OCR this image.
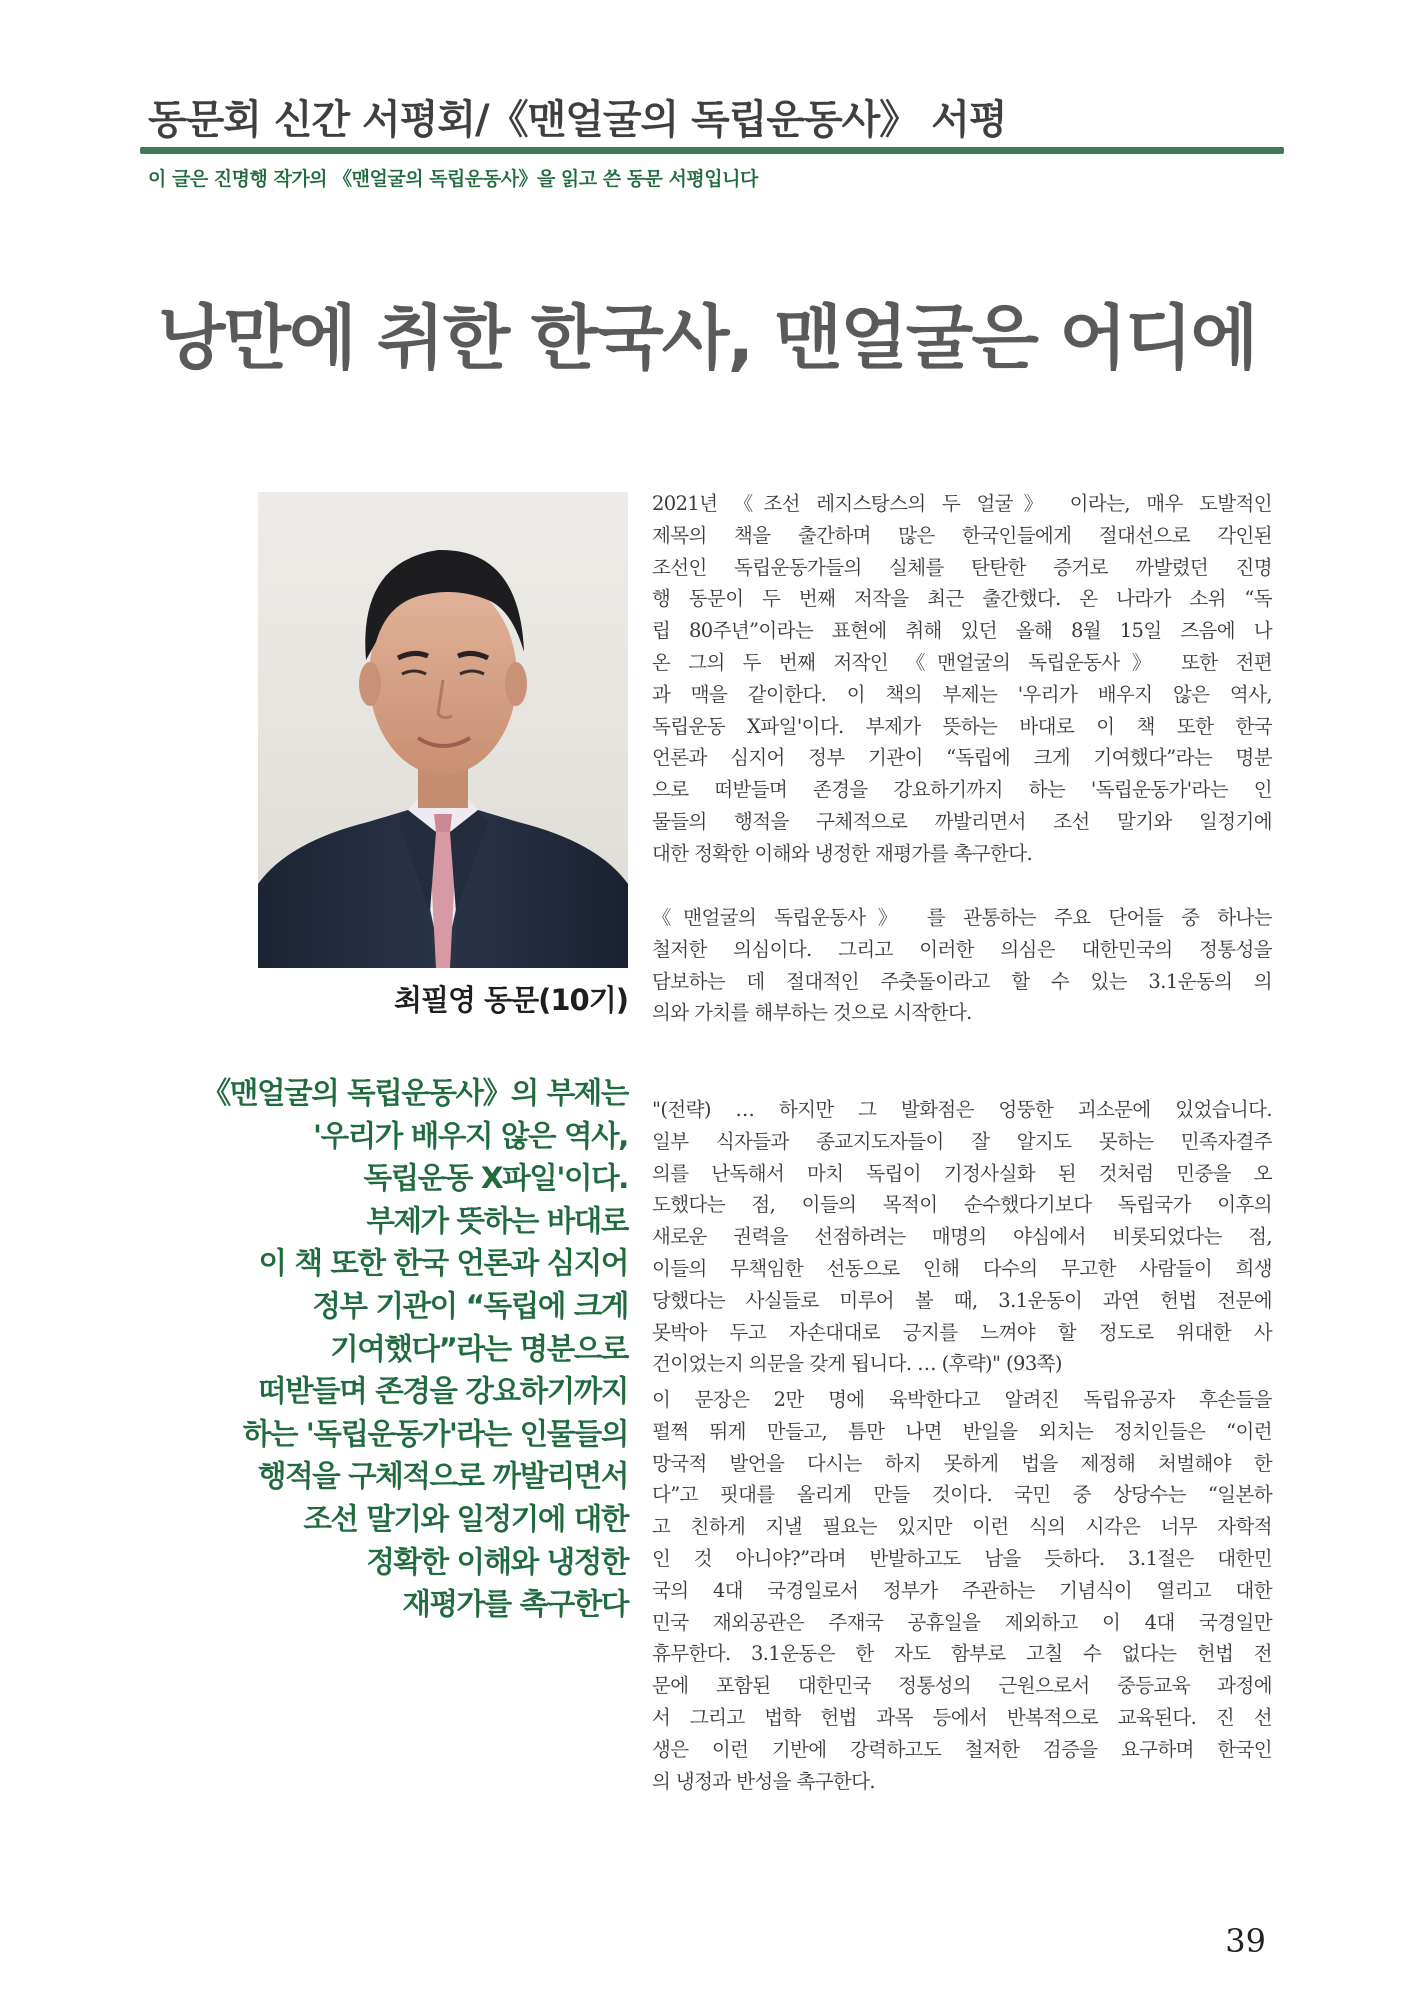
동문회 신간 서평회/《맨얼굴의 독립운동사》 서평
이 글은 진명행 작가의 《맨얼굴의 독립운동사》을 읽고 쓴 동문 서평입니다
낭만에 취한 한국사, 맨얼굴은 어디에
최필영 동문(10기)
《맨얼굴의 독립운동사》의 부제는
'우리가 배우지 않은 역사,
독립운동 X파일'이다.
부제가 뜻하는 바대로
이 책 또한 한국 언론과 심지어
정부 기관이 “독립에 크게
기여했다”라는 명분으로
떠받들며 존경을 강요하기까지
하는 '독립운동가'라는 인물들의
행적을 구체적으로 까발리면서
조선 말기와 일정기에 대한
정확한 이해와 냉정한
재평가를 촉구한다
2021년 《조선 레지스탕스의 두 얼굴》 이라는, 매우 도발적인
제목의 책을 출간하며 많은 한국인들에게 절대선으로 각인된
조선인 독립운동가들의 실체를 탄탄한 증거로 까발렸던 진명
행 동문이 두 번째 저작을 최근 출간했다. 온 나라가 소위 “독
립 80주년”이라는 표현에 취해 있던 올해 8월 15일 즈음에 나
온 그의 두 번째 저작인 《맨얼굴의 독립운동사》 또한 전편
과 맥을 같이한다. 이 책의 부제는 '우리가 배우지 않은 역사,
독립운동 X파일'이다. 부제가 뜻하는 바대로 이 책 또한 한국
언론과 심지어 정부 기관이 “독립에 크게 기여했다”라는 명분
으로 떠받들며 존경을 강요하기까지 하는 '독립운동가'라는 인
물들의 행적을 구체적으로 까발리면서 조선 말기와 일정기에
대한 정확한 이해와 냉정한 재평가를 촉구한다.
《맨얼굴의 독립운동사》 를 관통하는 주요 단어들 중 하나는
철저한 의심이다. 그리고 이러한 의심은 대한민국의 정통성을
담보하는 데 절대적인 주춧돌이라고 할 수 있는 3.1운동의 의
의와 가치를 해부하는 것으로 시작한다.
"(전략) … 하지만 그 발화점은 엉뚱한 괴소문에 있었습니다.
일부 식자들과 종교지도자들이 잘 알지도 못하는 민족자결주
의를 난독해서 마치 독립이 기정사실화 된 것처럼 민중을 오
도했다는 점, 이들의 목적이 순수했다기보다 독립국가 이후의
새로운 권력을 선점하려는 매명의 야심에서 비롯되었다는 점,
이들의 무책임한 선동으로 인해 다수의 무고한 사람들이 희생
당했다는 사실들로 미루어 볼 때, 3.1운동이 과연 헌법 전문에
못박아 두고 자손대대로 긍지를 느껴야 할 정도로 위대한 사
건이었는지 의문을 갖게 됩니다. … (후략)" (93쪽)
이 문장은 2만 명에 육박한다고 알려진 독립유공자 후손들을
펄쩍 뛰게 만들고, 틈만 나면 반일을 외치는 정치인들은 “이런
망국적 발언을 다시는 하지 못하게 법을 제정해 처벌해야 한
다”고 핏대를 올리게 만들 것이다. 국민 중 상당수는 “일본하
고 친하게 지낼 필요는 있지만 이런 식의 시각은 너무 자학적
인 것 아니야?”라며 반발하고도 남을 듯하다. 3.1절은 대한민
국의 4대 국경일로서 정부가 주관하는 기념식이 열리고 대한
민국 재외공관은 주재국 공휴일을 제외하고 이 4대 국경일만
휴무한다. 3.1운동은 한 자도 함부로 고칠 수 없다는 헌법 전
문에 포함된 대한민국 정통성의 근원으로서 중등교육 과정에
서 그리고 법학 헌법 과목 등에서 반복적으로 교육된다. 진 선
생은 이런 기반에 강력하고도 철저한 검증을 요구하며 한국인
의 냉정과 반성을 촉구한다.
39
